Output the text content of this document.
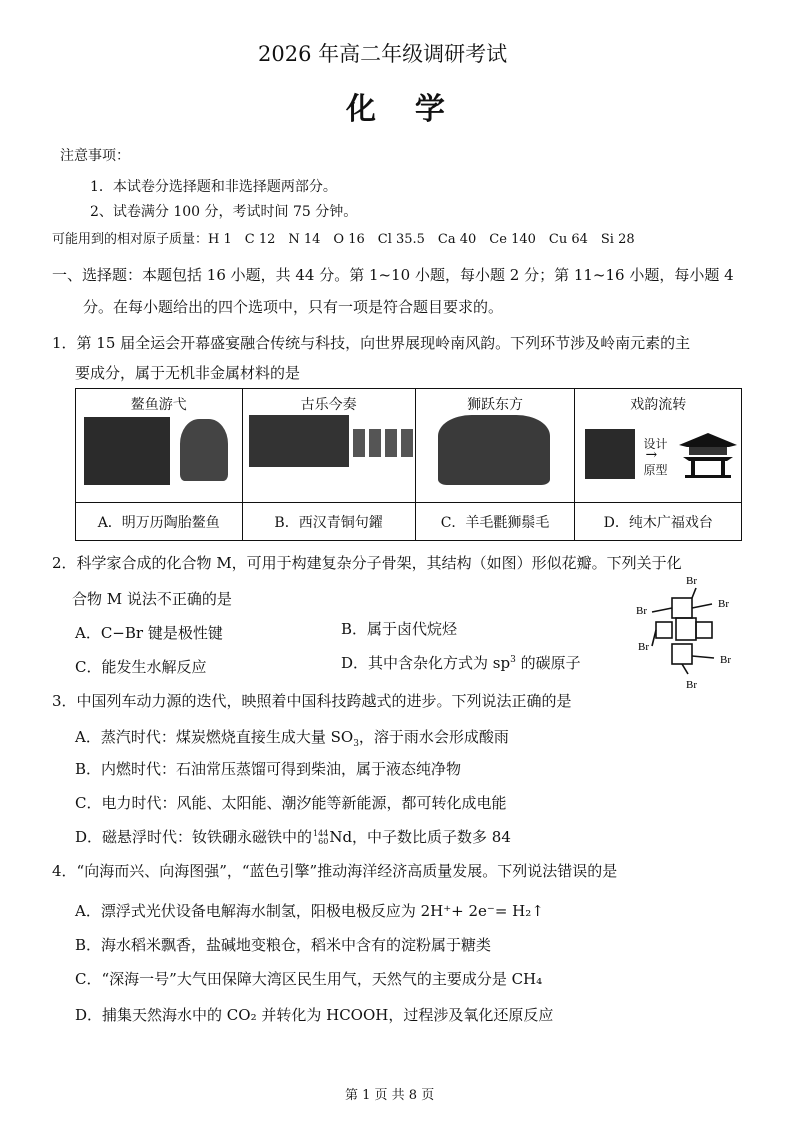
2026 年高二年级调研考试
化  学
注意事项：
1．本试卷分选择题和非选择题两部分。
2、试卷满分 100 分，考试时间 75 分钟。
可能用到的相对原子质量：H 1　C 12　N 14　O 16　Cl 35.5　Ca 40　Ce 140　Cu 64　Si 28
一、选择题：本题包括 16 小题，共 44 分。第 1~10 小题，每小题 2 分；第 11~16 小题，每小题 4
分。在每小题给出的四个选项中，只有一项是符合题目要求的。
1．第 15 届全运会开幕盛宴融合传统与科技，向世界展现岭南风韵。下列环节涉及岭南元素的主
要成分，属于无机非金属材料的是
鳌鱼游弋	古乐今奏	狮跃东方	戏韵流转
设计
→
原型

A．明万历陶胎鳌鱼	B．西汉青铜句鑃	C．羊毛氍狮鬃毛	D．纯木广福戏台
2．科学家合成的化合物 M，可用于构建复杂分子骨架，其结构（如图）形似花瓣。下列关于化
合物 M 说法不正确的是
A．C−Br 键是极性键	B．属于卤代烷烃
C．能发生水解反应	D．其中含杂化方式为 $sp^3$ 的碳原子
Br
Br
Br
Br
Br
Br
3．中国列车动力源的迭代，映照着中国科技跨越式的进步。下列说法正确的是
A．蒸汽时代：煤炭燃烧直接生成大量 $SO_3$，溶于雨水会形成酸雨
B．内燃时代：石油常压蒸馏可得到柴油，属于液态纯净物
C．电力时代：风能、太阳能、潮汐能等新能源，都可转化成电能
D．磁悬浮时代：钕铁硼永磁铁中的 144
60 Nd，中子数比质子数多 84
4．“向海而兴、向海图强”，“蓝色引擎”推动海洋经济高质量发展。下列说法错误的是
A．漂浮式光伏设备电解海水制氢，阳极电极反应为 2H⁺+ 2e⁻= H₂↑
B．海水稻米飘香，盐碱地变粮仓，稻米中含有的淀粉属于糖类
C．“深海一号”大气田保障大湾区民生用气，天然气的主要成分是 CH₄
D．捕集天然海水中的 CO₂ 并转化为 HCOOH，过程涉及氧化还原反应
第 1 页 共 8 页
